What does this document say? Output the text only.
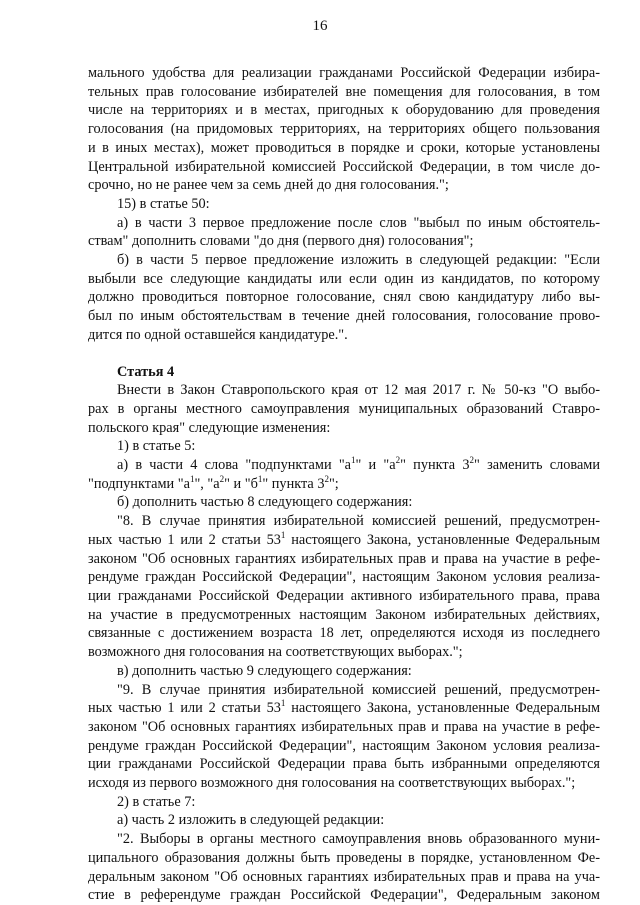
16

мального удобства для реализации гражданами Российской Федерации избира-
тельных прав голосование избирателей вне помещения для голосования, в том
числе на территориях и в местах, пригодных к оборудованию для проведения
голосования (на придомовых территориях, на территориях общего пользования
и в иных местах), может проводиться в порядке и сроки, которые установлены
Центральной избирательной комиссией Российской Федерации, в том числе до-
срочно, но не ранее чем за семь дней до дня голосования.";

15) в статье 50:

а) в части 3 первое предложение после слов "выбыл по иным обстоятель-
ствам" дополнить словами "до дня (первого дня) голосования";

б) в части 5 первое предложение изложить в следующей редакции: "Если
выбыли все следующие кандидаты или если один из кандидатов, по которому
должно проводиться повторное голосование, снял свою кандидатуру либо вы-
был по иным обстоятельствам в течение дней голосования, голосование прово-
дится по одной оставшейся кандидатуре.".

Статья 4

Внести в Закон Ставропольского края от 12 мая 2017 г. № 50-кз "О выбо-
рах в органы местного самоуправления муниципальных образований Ставро-
польского края" следующие изменения:

1) в статье 5:

а) в части 4 слова "подпунктами "$а^1$" и "$а^2$" пункта $3^2$" заменить словами
"подпунктами "$а^1$", "$а^2$" и "$б^1$" пункта $3^2$";

б) дополнить частью 8 следующего содержания:

"8. В случае принятия избирательной комиссией решений, предусмотрен-
ных частью 1 или 2 статьи $53^1$ настоящего Закона, установленные Федеральным
законом "Об основных гарантиях избирательных прав и права на участие в рефе-
рендуме граждан Российской Федерации", настоящим Законом условия реализа-
ции гражданами Российской Федерации активного избирательного права, права
на участие в предусмотренных настоящим Законом избирательных действиях,
связанные с достижением возраста 18 лет, определяются исходя из последнего
возможного дня голосования на соответствующих выборах.";

в) дополнить частью 9 следующего содержания:

"9. В случае принятия избирательной комиссией решений, предусмотрен-
ных частью 1 или 2 статьи $53^1$ настоящего Закона, установленные Федеральным
законом "Об основных гарантиях избирательных прав и права на участие в рефе-
рендуме граждан Российской Федерации", настоящим Законом условия реализа-
ции гражданами Российской Федерации права быть избранными определяются
исходя из первого возможного дня голосования на соответствующих выборах.";

2) в статье 7:

а) часть 2 изложить в следующей редакции:

"2. Выборы в органы местного самоуправления вновь образованного муни-
ципального образования должны быть проведены в порядке, установленном Фе-
деральным законом "Об основных гарантиях избирательных прав и права на уча-
стие в референдуме граждан Российской Федерации", Федеральным законом
